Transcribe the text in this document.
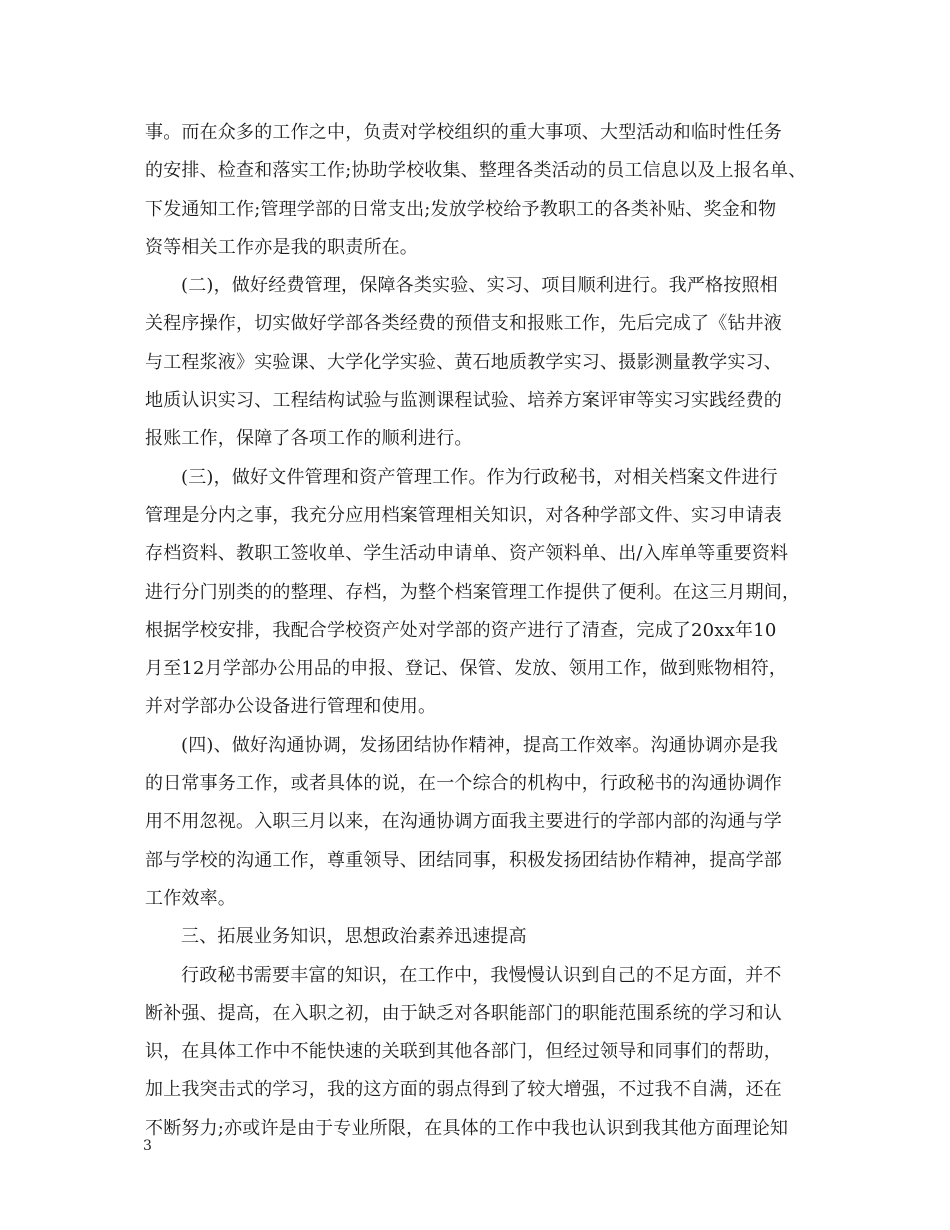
事。而在众多的工作之中，负责对学校组织的重大事项、大型活动和临时性任务
的安排、检查和落实工作;协助学校收集、整理各类活动的员工信息以及上报名单、
下发通知工作;管理学部的日常支出;发放学校给予教职工的各类补贴、奖金和物
资等相关工作亦是我的职责所在。
(二)，做好经费管理，保障各类实验、实习、项目顺利进行。我严格按照相
关程序操作，切实做好学部各类经费的预借支和报账工作，先后完成了《钻井液
与工程浆液》实验课、大学化学实验、黄石地质教学实习、摄影测量教学实习、
地质认识实习、工程结构试验与监测课程试验、培养方案评审等实习实践经费的
报账工作，保障了各项工作的顺利进行。
(三)，做好文件管理和资产管理工作。作为行政秘书，对相关档案文件进行
管理是分内之事，我充分应用档案管理相关知识，对各种学部文件、实习申请表
存档资料、教职工签收单、学生活动申请单、资产领料单、出/入库单等重要资料
进行分门别类的的整理、存档，为整个档案管理工作提供了便利。在这三月期间，
根据学校安排，我配合学校资产处对学部的资产进行了清查，完成了20xx年10
月至12月学部办公用品的申报、登记、保管、发放、领用工作，做到账物相符，
并对学部办公设备进行管理和使用。
(四)、做好沟通协调，发扬团结协作精神，提高工作效率。沟通协调亦是我
的日常事务工作，或者具体的说，在一个综合的机构中，行政秘书的沟通协调作
用不用忽视。入职三月以来，在沟通协调方面我主要进行的学部内部的沟通与学
部与学校的沟通工作，尊重领导、团结同事，积极发扬团结协作精神，提高学部
工作效率。
三、拓展业务知识，思想政治素养迅速提高
行政秘书需要丰富的知识，在工作中，我慢慢认识到自己的不足方面，并不
断补强、提高，在入职之初，由于缺乏对各职能部门的职能范围系统的学习和认
识，在具体工作中不能快速的关联到其他各部门，但经过领导和同事们的帮助，
加上我突击式的学习，我的这方面的弱点得到了较大增强，不过我不自满，还在
不断努力;亦或许是由于专业所限，在具体的工作中我也认识到我其他方面理论知
3
